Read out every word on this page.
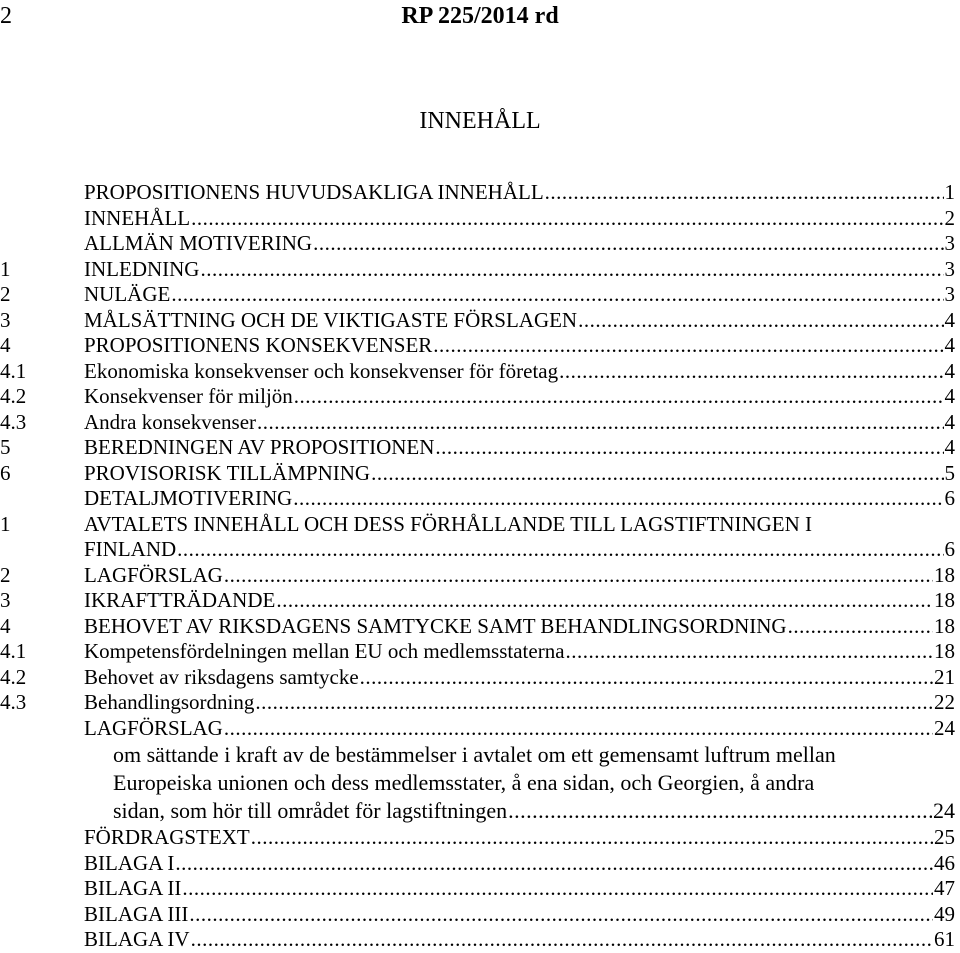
2	RP 225/2014 rd
INNEHÅLL
PROPOSITIONENS HUVUDSAKLIGA INNEHÅLL .....	1
INNEHÅLL .....	2
ALLMÄN MOTIVERING .....	3
1	INLEDNING .....	3
2	NULÄGE .....	3
3	MÅLSÄTTNING OCH DE VIKTIGASTE FÖRSLAGEN .....	4
4	PROPOSITIONENS KONSEKVENSER .....	4
4.1	Ekonomiska konsekvenser och konsekvenser för företag .....	4
4.2	Konsekvenser för miljön .....	4
4.3	Andra konsekvenser .....	4
5	BEREDNINGEN AV PROPOSITIONEN .....	4
6	PROVISORISK TILLÄMPNING .....	5
DETALJMOTIVERING .....	6
1	AVTALETS INNEHÅLL OCH DESS FÖRHÅLLANDE TILL LAGSTIFTNINGEN I
FINLAND .....	6
2	LAGFÖRSLAG .....	18
3	IKRAFTTRÄDANDE .....	18
4	BEHOVET AV RIKSDAGENS SAMTYCKE SAMT BEHANDLINGSORDNING .....	18
4.1	Kompetensfördelningen mellan EU och medlemsstaterna .....	18
4.2	Behovet av riksdagens samtycke .....	21
4.3	Behandlingsordning .....	22
LAGFÖRSLAG .....	24
om sättande i kraft av de bestämmelser i avtalet om ett gemensamt luftrum mellan
Europeiska unionen och dess medlemsstater, å ena sidan, och Georgien, å andra
sidan, som hör till området för lagstiftningen .....	24
FÖRDRAGSTEXT .....	25
BILAGA I .....	46
BILAGA II .....	47
BILAGA III .....	49
BILAGA IV .....	61
